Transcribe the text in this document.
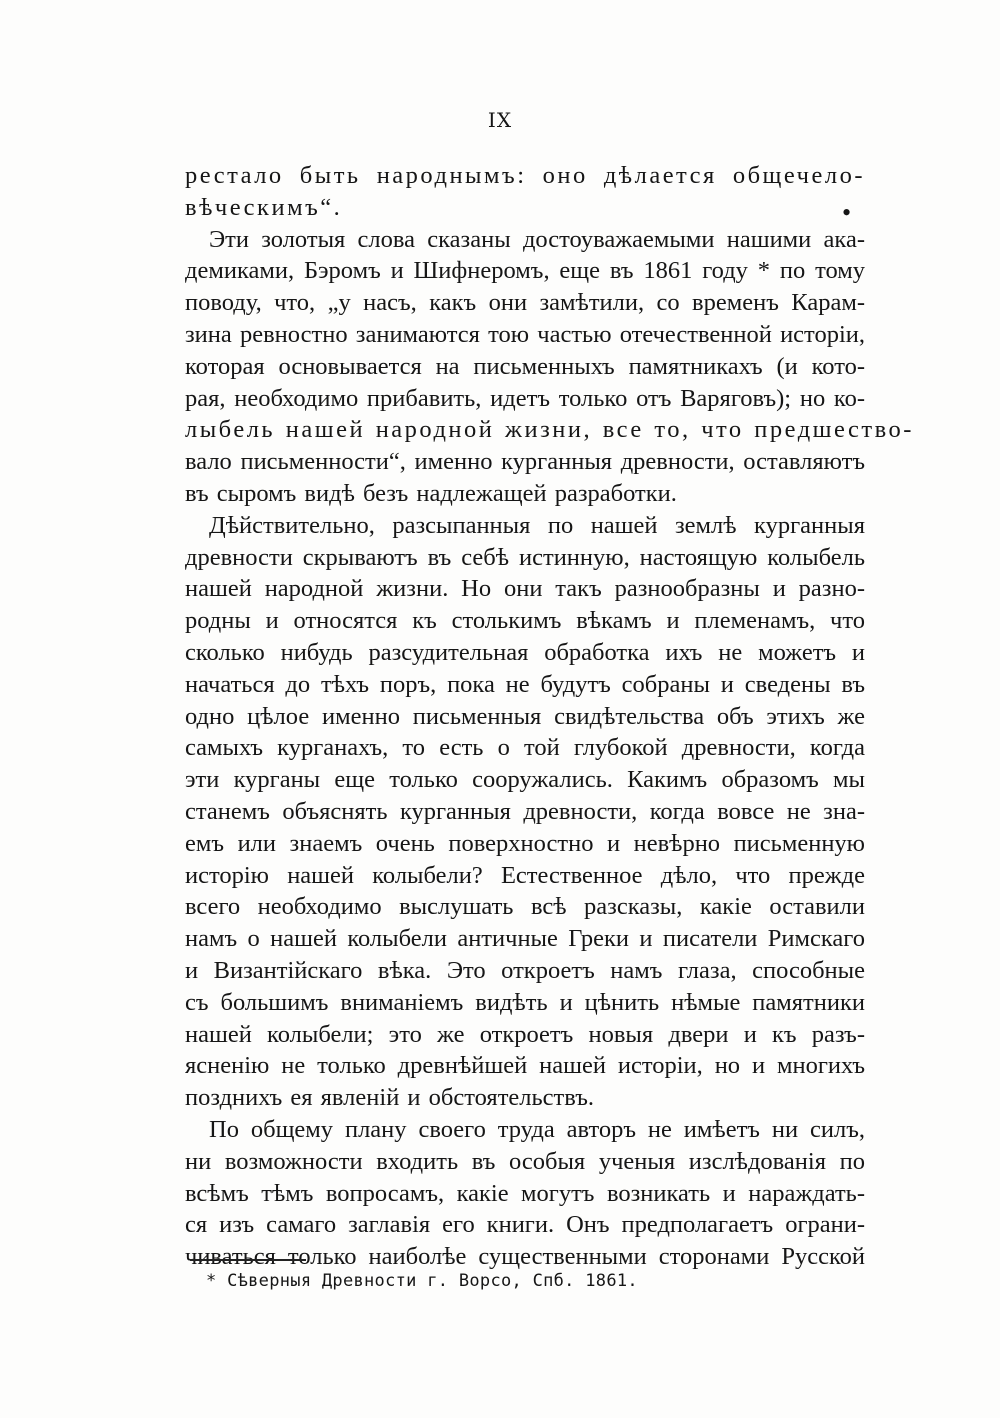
IX
•
рестало быть народнымъ: оно дѣлается общечело-
вѣческимъ“.
Эти золотыя слова сказаны достоуважаемыми нашими ака-
демиками, Бэромъ и Шифнеромъ, еще въ 1861 году * по тому
поводу, что, „у насъ, какъ они замѣтили, со временъ Карам-
зина ревностно занимаются тою частью отечественной исторіи,
которая основывается на письменныхъ памятникахъ (и кото-
рая, необходимо прибавить, идетъ только отъ Варяговъ); но ко-
лыбель нашей народной жизни, все то, что предшество-
вало письменности“, именно курганныя древности, оставляютъ
въ сыромъ видѣ безъ надлежащей разработки.
Дѣйствительно, разсыпанныя по нашей землѣ курганныя
древности скрываютъ въ себѣ истинную, настоящую колыбель
нашей народной жизни. Но они такъ разнообразны и разно-
родны и относятся къ столькимъ вѣкамъ и племенамъ, что
сколько нибудь разсудительная обработка ихъ не можетъ и
начаться до тѣхъ поръ, пока не будутъ собраны и сведены въ
одно цѣлое именно письменныя свидѣтельства объ этихъ же
самыхъ курганахъ, то есть о той глубокой древности, когда
эти курганы еще только сооружались. Какимъ образомъ мы
станемъ объяснять курганныя древности, когда вовсе не зна-
емъ или знаемъ очень поверхностно и невѣрно письменную
исторію нашей колыбели? Естественное дѣло, что прежде
всего необходимо выслушать всѣ разсказы, какіе оставили
намъ о нашей колыбели античные Греки и писатели Римскаго
и Византійскаго вѣка. Это откроетъ намъ глаза, способные
съ большимъ вниманіемъ видѣть и цѣнить нѣмые памятники
нашей колыбели; это же откроетъ новыя двери и къ разъ-
ясненію не только древнѣйшей нашей исторіи, но и многихъ
позднихъ ея явленій и обстоятельствъ.
По общему плану своего труда авторъ не имѣетъ ни силъ,
ни возможности входить въ особыя ученыя изслѣдованія по
всѣмъ тѣмъ вопросамъ, какіе могутъ возникать и нараждать-
ся изъ самаго заглавія его книги. Онъ предполагаетъ ограни-
чиваться только наиболѣе существенными сторонами Русской
* Сѣверныя Древности г. Ворсо, Спб. 1861.
